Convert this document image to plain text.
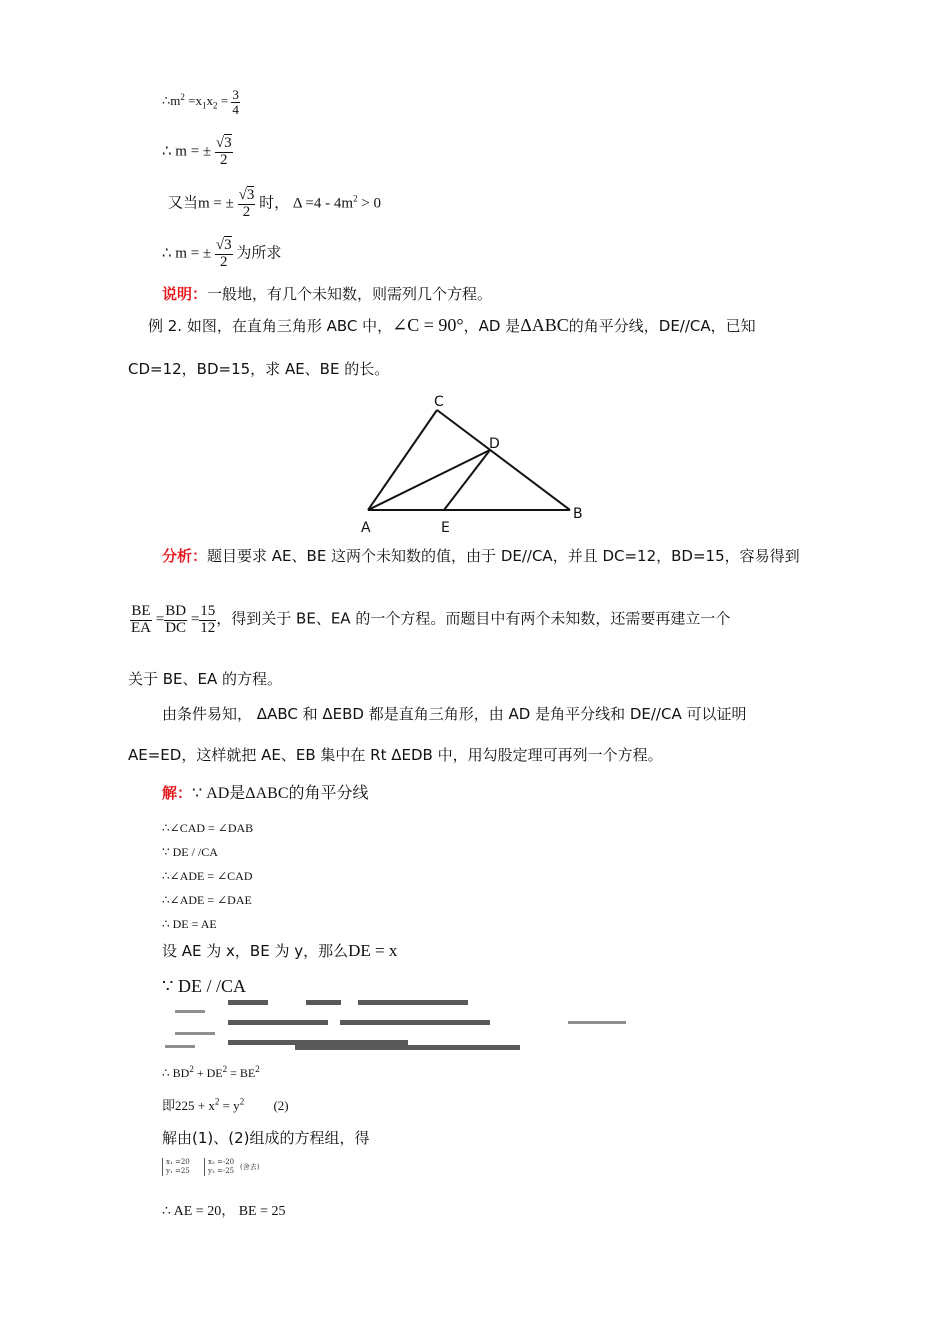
$\therefore m^2 =x_1x_2 = \frac{3}{4}$
∴ m = ± $\frac{√3}{2}$
又当m = ± $\frac{√3}{2}$ 时， $\Delta =4 - 4m^2 > 0$
∴ m = ± $\frac{√3}{2}$ 为所求
说明：一般地，有几个未知数，则需列几个方程。
例 2. 如图，在直角三角形 ABC 中，∠C = 90°，AD 是ΔABC的角平分线，DE//CA，已知
CD=12，BD=15，求 AE、BE 的长。
C
D
A	E
B
分析：题目要求 AE、BE 这两个未知数的值，由于 DE//CA，并且 DC=12，BD=15，容易得到
$\frac{BE}{EA} = \frac{BD}{DC} = \frac{15}{12}$ ，得到关于 BE、EA 的一个方程。而题目中有两个未知数，还需要再建立一个
关于 BE、EA 的方程。
由条件易知， ΔABC 和 ΔEBD 都是直角三角形，由 AD 是角平分线和 DE//CA 可以证明
AE=ED，这样就把 AE、EB 集中在 Rt ΔEDB 中，用勾股定理可再列一个方程。
解：∵ AD是ΔABC的角平分线
∴∠CAD = ∠DAB
∵ DE / /CA
∴∠ADE = ∠CAD
∴∠ADE = ∠DAE
∴ DE = AE
设 AE 为 x，BE 为 y，那么DE = x
∵ DE / /CA
∴ $BD^2 + DE^2 = BE^2$
即$225 + x^2 = y^2$ (2)
解由(1)、(2)组成的方程组，得
x₁ =20
y₁ =25
x₂ =-20
y₂ =-25 (舍去)
∴ AE = 20， BE = 25
